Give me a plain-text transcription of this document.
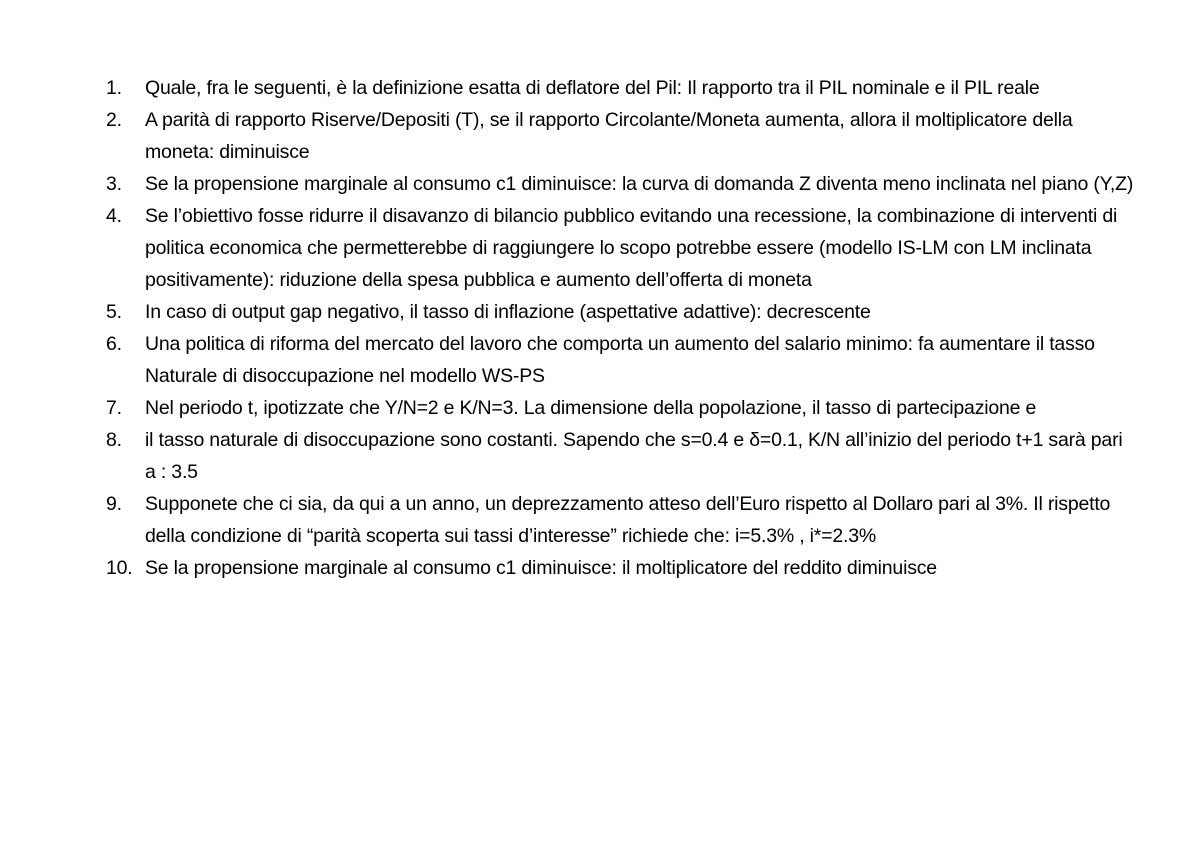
1. Quale, fra le seguenti, è la definizione esatta di deflatore del Pil: Il rapporto tra il PIL nominale e il PIL reale
2. A parità di rapporto Riserve/Depositi (T), se il rapporto Circolante/Moneta aumenta, allora il moltiplicatore della moneta: diminuisce
3. Se la propensione marginale al consumo c1 diminuisce: la curva di domanda Z diventa meno inclinata nel piano (Y,Z)
4. Se l’obiettivo fosse ridurre il disavanzo di bilancio pubblico evitando una recessione, la combinazione di interventi di politica economica che permetterebbe di raggiungere lo scopo potrebbe essere (modello IS-LM con LM inclinata positivamente): riduzione della spesa pubblica e aumento dell’offerta di moneta
5. In caso di output gap negativo, il tasso di inflazione (aspettative adattive): decrescente
6. Una politica di riforma del mercato del lavoro che comporta un aumento del salario minimo: fa aumentare il tasso Naturale di disoccupazione nel modello WS-PS
7. Nel periodo t, ipotizzate che Y/N=2 e K/N=3. La dimensione della popolazione, il tasso di partecipazione e
8. il tasso naturale di disoccupazione sono costanti. Sapendo che s=0.4 e δ=0.1, K/N all’inizio del periodo t+1 sarà pari a : 3.5
9. Supponete che ci sia, da qui a un anno, un deprezzamento atteso dell’Euro rispetto al Dollaro pari al 3%. Il rispetto della condizione di “parità scoperta sui tassi d’interesse” richiede che: i=5.3% , i*=2.3%
10. Se la propensione marginale al consumo c1 diminuisce: il moltiplicatore del reddito diminuisce
